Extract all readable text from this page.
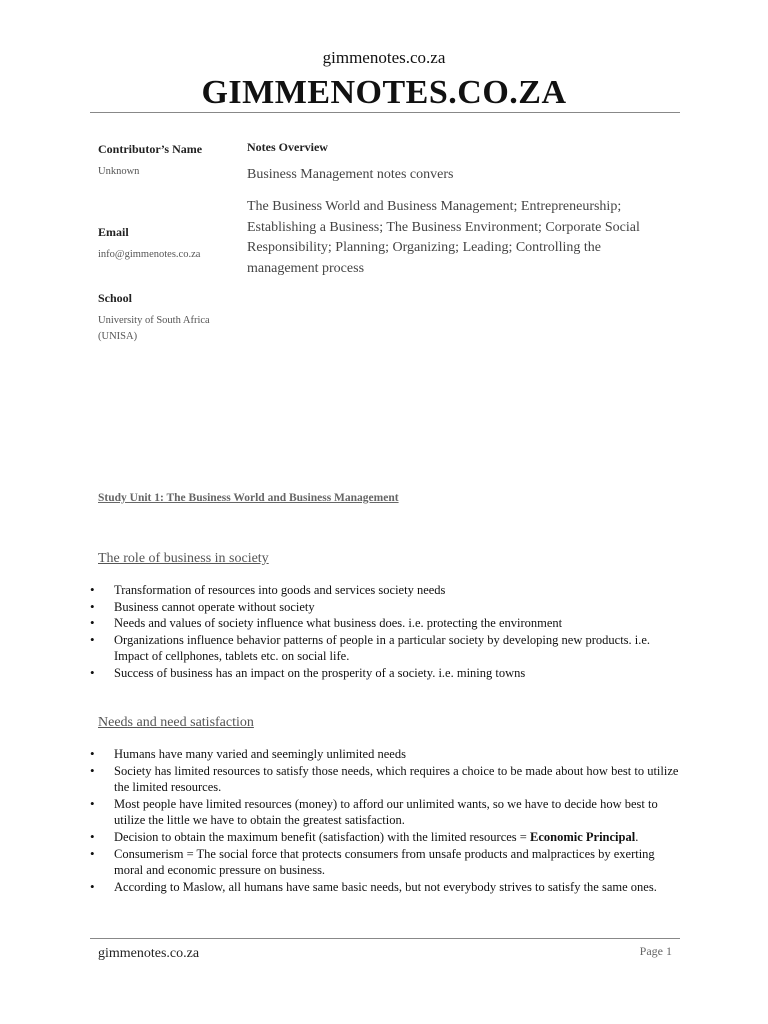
gimmenotes.co.za
GIMMENOTES.CO.ZA
Contributor’s Name
Unknown
Email
info@gimmenotes.co.za
School
University of South Africa
(UNISA)
Notes Overview
Business Management notes convers
The Business World and Business Management; Entrepreneurship; Establishing a Business; The Business Environment; Corporate Social Responsibility; Planning; Organizing; Leading; Controlling the management process
Study Unit 1: The Business World and Business Management
The role of business in society
• Transformation of resources into goods and services society needs
• Business cannot operate without society
• Needs and values of society influence what business does. i.e. protecting the environment
• Organizations influence behavior patterns of people in a particular society by developing new products. i.e. Impact of cellphones, tablets etc. on social life.
• Success of business has an impact on the prosperity of a society. i.e. mining towns
Needs and need satisfaction
• Humans have many varied and seemingly unlimited needs
• Society has limited resources to satisfy those needs, which requires a choice to be made about how best to utilize the limited resources.
• Most people have limited resources (money) to afford our unlimited wants, so we have to decide how best to utilize the little we have to obtain the greatest satisfaction.
• Decision to obtain the maximum benefit (satisfaction) with the limited resources = Economic Principal.
• Consumerism = The social force that protects consumers from unsafe products and malpractices by exerting moral and economic pressure on business.
• According to Maslow, all humans have same basic needs, but not everybody strives to satisfy the same ones.
gimmenotes.co.za	Page 1
